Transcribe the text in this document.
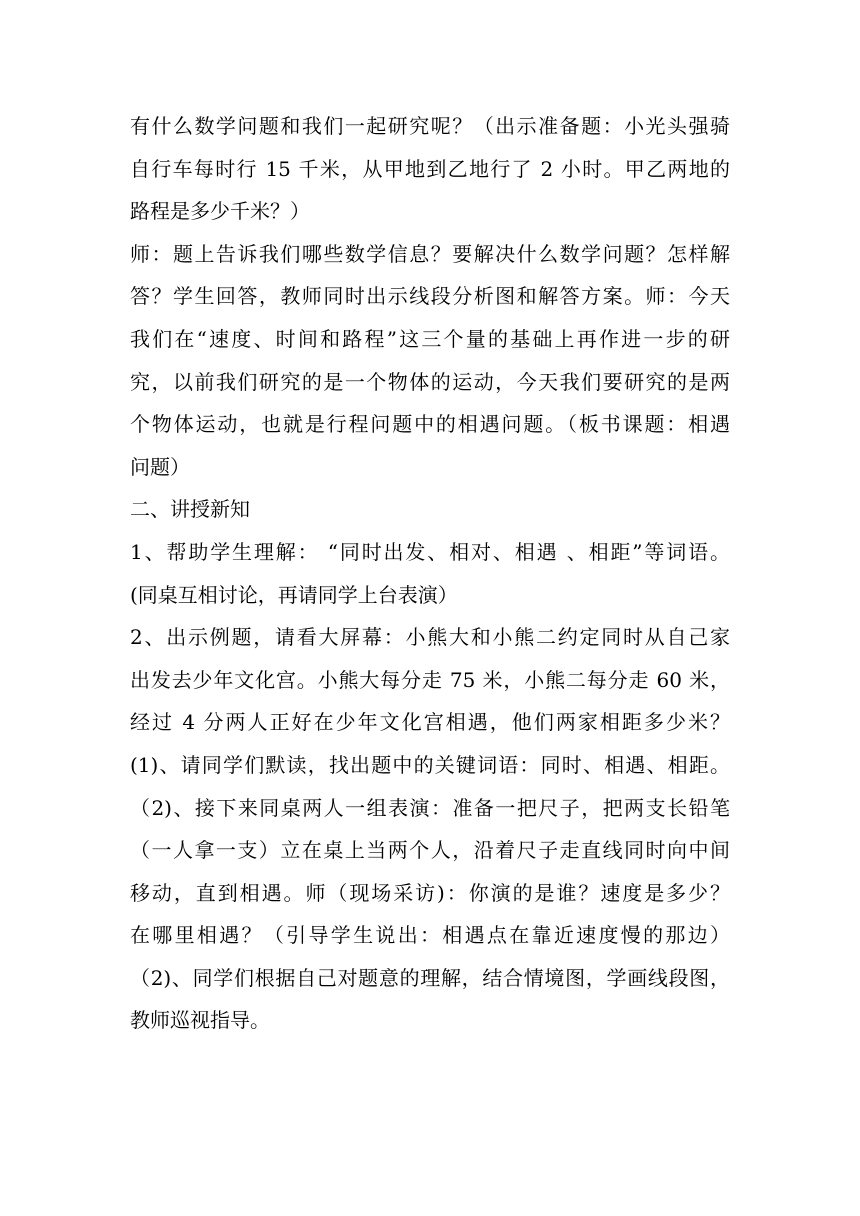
有什么数学问题和我们一起研究呢？（出示准备题：小光头强骑
自行车每时行 15 千米，从甲地到乙地行了 2 小时。甲乙两地的
路程是多少千米？）
师：题上告诉我们哪些数学信息？要解决什么数学问题？怎样解
答？学生回答，教师同时出示线段分析图和解答方案。师：今天
我们在“速度、时间和路程”这三个量的基础上再作进一步的研
究，以前我们研究的是一个物体的运动，今天我们要研究的是两
个物体运动，也就是行程问题中的相遇问题。（板书课题：相遇
问题）
二、讲授新知
1、帮助学生理解： “同时出发、相对、相遇 、相距”等词语。
(同桌互相讨论，再请同学上台表演）
2、出示例题，请看大屏幕：小熊大和小熊二约定同时从自己家
出发去少年文化宫。小熊大每分走 75 米，小熊二每分走 60 米，
经过 4 分两人正好在少年文化宫相遇，他们两家相距多少米？
(1)、请同学们默读，找出题中的关键词语：同时、相遇、相距。
（2)、接下来同桌两人一组表演：准备一把尺子，把两支长铅笔
（一人拿一支）立在桌上当两个人，沿着尺子走直线同时向中间
移动，直到相遇。师（现场采访)：你演的是谁？速度是多少？
在哪里相遇？（引导学生说出：相遇点在靠近速度慢的那边）
（2)、同学们根据自己对题意的理解，结合情境图，学画线段图，
教师巡视指导。
